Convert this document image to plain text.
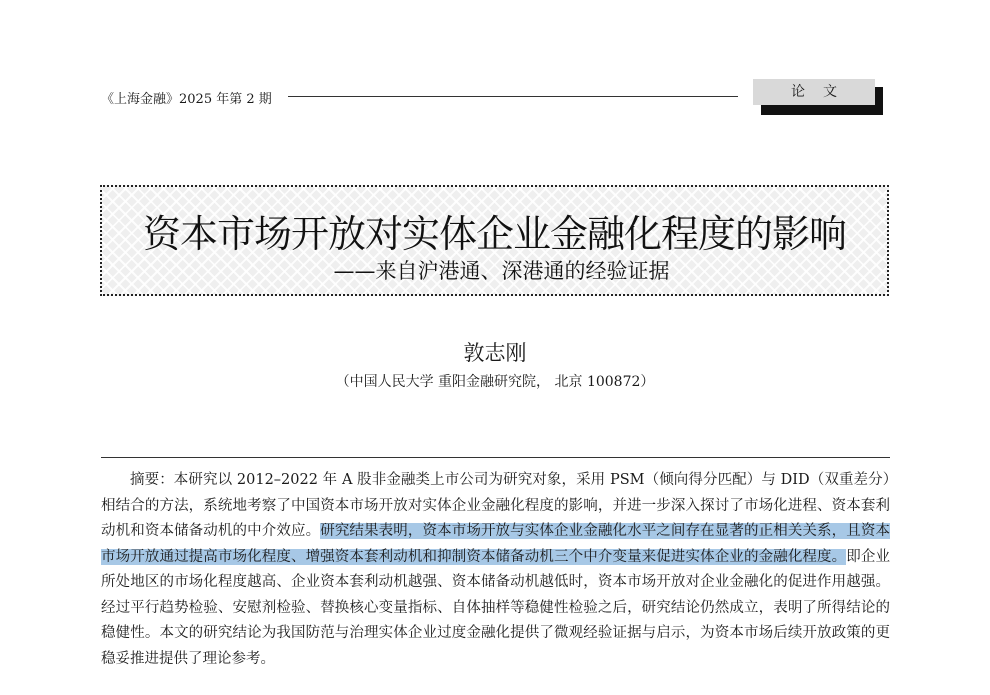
《上海金融》2025 年第 2 期	论文
资本市场开放对实体企业金融化程度的影响
——来自沪港通、深港通的经验证据
敦志刚
（中国人民大学 重阳金融研究院， 北京 100872）

摘要：本研究以 2012–2022 年 A 股非金融类上市公司为研究对象，采用 PSM（倾向得分匹配）与 DID（双重差分）相结合的方法，系统地考察了中国资本市场开放对实体企业金融化程度的影响，并进一步深入探讨了市场化进程、资本套利动机和资本储备动机的中介效应。研究结果表明，资本市场开放与实体企业金融化水平之间存在显著的正相关关系，且资本市场开放通过提高市场化程度、增强资本套利动机和抑制资本储备动机三个中介变量来促进实体企业的金融化程度。即企业所处地区的市场化程度越高、企业资本套利动机越强、资本储备动机越低时，资本市场开放对企业金融化的促进作用越强。经过平行趋势检验、安慰剂检验、替换核心变量指标、自体抽样等稳健性检验之后，研究结论仍然成立，表明了所得结论的稳健性。本文的研究结论为我国防范与治理实体企业过度金融化提供了微观经验证据与启示，为资本市场后续开放政策的更稳妥推进提供了理论参考。
